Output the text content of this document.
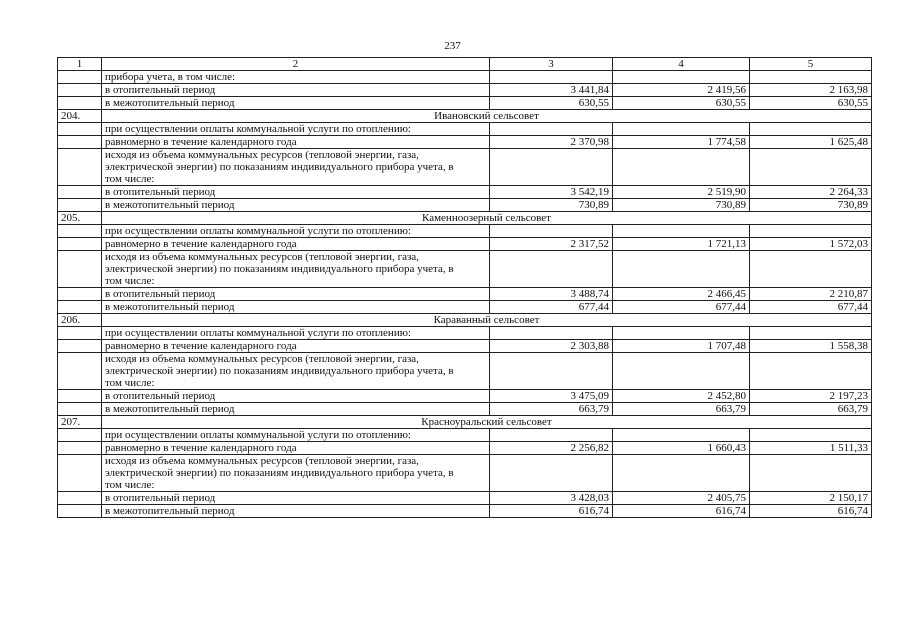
237
1	2	3	4	5
	прибора учета, в том числе:			
	в отопительный период	3 441,84	2 419,56	2 163,98
	в межотопительный период	630,55	630,55	630,55
204.	Ивановский сельсовет			
	при осуществлении оплаты коммунальной услуги по отоплению:			
	равномерно в течение календарного года	2 370,98	1 774,58	1 625,48
	исходя из объема коммунальных ресурсов (тепловой энергии, газа, электрической энергии) по показаниям индивидуального прибора учета, в том числе:			
	в отопительный период	3 542,19	2 519,90	2 264,33
	в межотопительный период	730,89	730,89	730,89
205.	Каменноозерный сельсовет			
	при осуществлении оплаты коммунальной услуги по отоплению:			
	равномерно в течение календарного года	2 317,52	1 721,13	1 572,03
	исходя из объема коммунальных ресурсов (тепловой энергии, газа, электрической энергии) по показаниям индивидуального прибора учета, в том числе:			
	в отопительный период	3 488,74	2 466,45	2 210,87
	в межотопительный период	677,44	677,44	677,44
206.	Караванный сельсовет			
	при осуществлении оплаты коммунальной услуги по отоплению:			
	равномерно в течение календарного года	2 303,88	1 707,48	1 558,38
	исходя из объема коммунальных ресурсов (тепловой энергии, газа, электрической энергии) по показаниям индивидуального прибора учета, в том числе:			
	в отопительный период	3 475,09	2 452,80	2 197,23
	в межотопительный период	663,79	663,79	663,79
207.	Красноуральский сельсовет			
	при осуществлении оплаты коммунальной услуги по отоплению:			
	равномерно в течение календарного года	2 256,82	1 660,43	1 511,33
	исходя из объема коммунальных ресурсов (тепловой энергии, газа, электрической энергии) по показаниям индивидуального прибора учета, в том числе:			
	в отопительный период	3 428,03	2 405,75	2 150,17
	в межотопительный период	616,74	616,74	616,74
